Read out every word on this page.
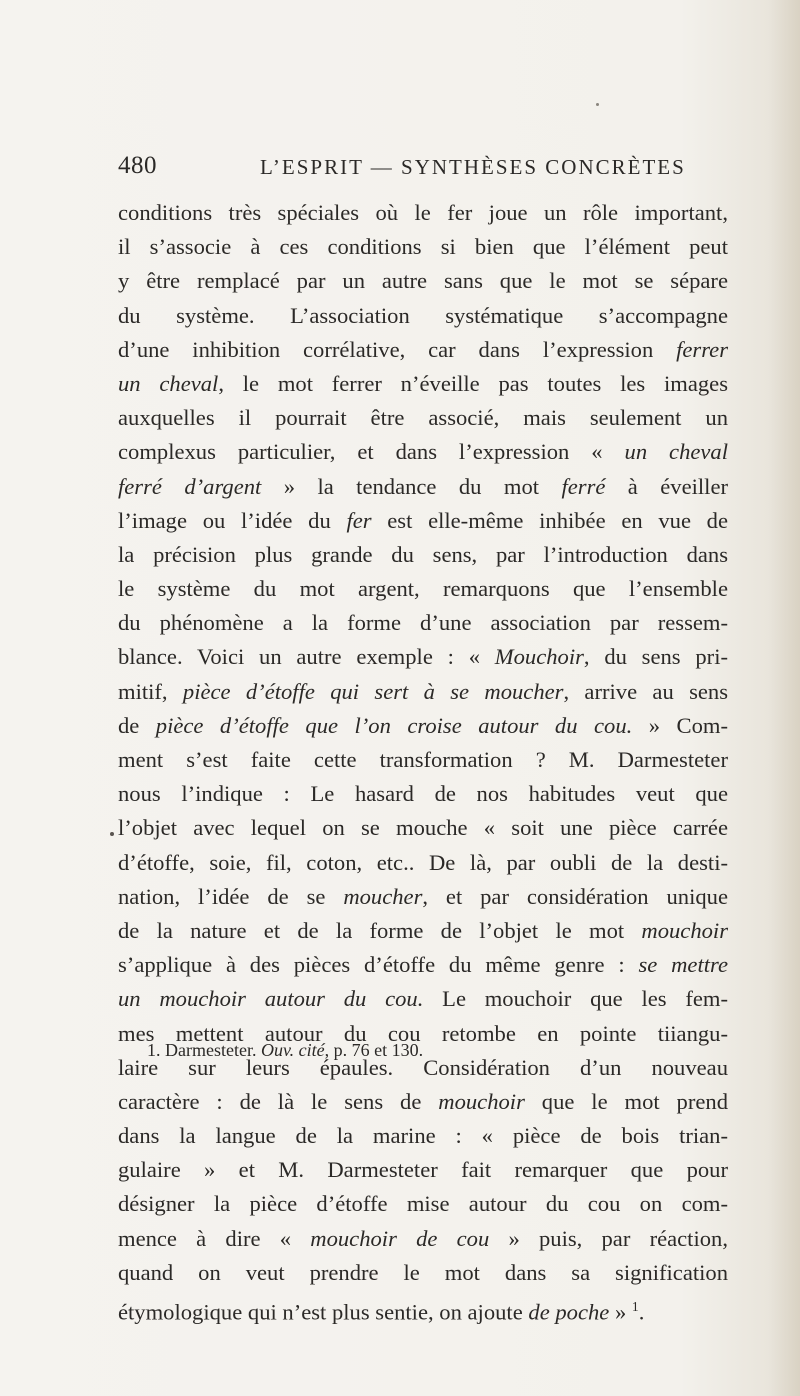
480	L’ESPRIT — SYNTHÈSES CONCRÈTES
conditions très spéciales où le fer joue un rôle important,
il s’associe à ces conditions si bien que l’élément peut
y être remplacé par un autre sans que le mot se sépare
du système. L’association systématique s’accompagne
d’une inhibition corrélative, car dans l’expression ferrer
un cheval, le mot ferrer n’éveille pas toutes les images
auxquelles il pourrait être associé, mais seulement un
complexus particulier, et dans l’expression « un cheval
ferré d’argent » la tendance du mot ferré à éveiller
l’image ou l’idée du fer est elle-même inhibée en vue de
la précision plus grande du sens, par l’introduction dans
le système du mot argent, remarquons que l’ensemble
du phénomène a la forme d’une association par ressem-
blance. Voici un autre exemple : « Mouchoir, du sens pri-
mitif, pièce d’étoffe qui sert à se moucher, arrive au sens
de pièce d’étoffe que l’on croise autour du cou. » Com-
ment s’est faite cette transformation ? M. Darmesteter
nous l’indique : Le hasard de nos habitudes veut que
l’objet avec lequel on se mouche « soit une pièce carrée
d’étoffe, soie, fil, coton, etc.. De là, par oubli de la desti-
nation, l’idée de se moucher, et par considération unique
de la nature et de la forme de l’objet le mot mouchoir
s’applique à des pièces d’étoffe du même genre : se mettre
un mouchoir autour du cou. Le mouchoir que les fem-
mes mettent autour du cou retombe en pointe tiiangu-
laire sur leurs épaules. Considération d’un nouveau
caractère : de là le sens de mouchoir que le mot prend
dans la langue de la marine : « pièce de bois trian-
gulaire » et M. Darmesteter fait remarquer que pour
désigner la pièce d’étoffe mise autour du cou on com-
mence à dire « mouchoir de cou » puis, par réaction,
quand on veut prendre le mot dans sa signification
étymologique qui n’est plus sentie, on ajoute de poche » $^1$.
1. Darmesteter. Ouv. cité, p. 76 et 130.
